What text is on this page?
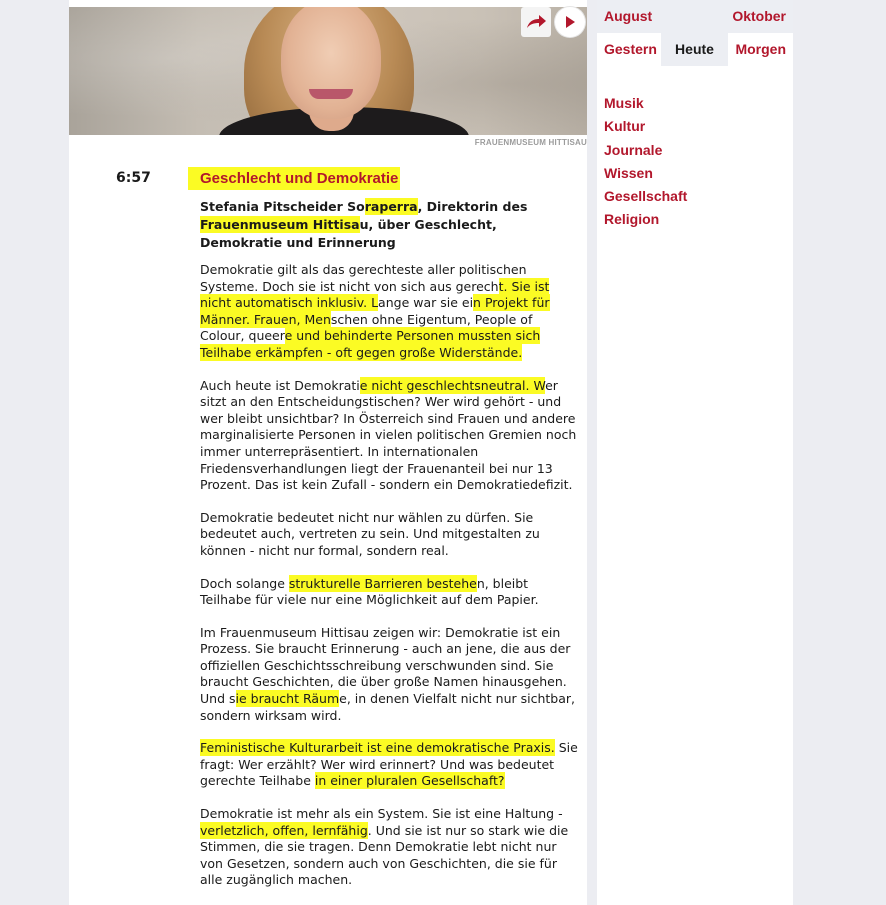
FRAUENMUSEUM HITTISAU
6:57	Geschlecht und Demokratie
Stefania Pitscheider Soraperra, Direktorin des Frauenmuseum Hittisau, über Geschlecht, Demokratie und Erinnerung

Demokratie gilt als das gerechteste aller politischen Systeme. Doch sie ist nicht von sich aus gerecht. Sie ist nicht automatisch inklusiv. Lange war sie ein Projekt für Männer. Frauen, Menschen ohne Eigentum, People of Colour, queere und behinderte Personen mussten sich Teilhabe erkämpfen - oft gegen große Widerstände.

Auch heute ist Demokratie nicht geschlechtsneutral. Wer sitzt an den Entscheidungstischen? Wer wird gehört - und wer bleibt unsichtbar? In Österreich sind Frauen und andere marginalisierte Personen in vielen politischen Gremien noch immer unterrepräsentiert. In internationalen Friedensverhandlungen liegt der Frauenanteil bei nur 13 Prozent. Das ist kein Zufall - sondern ein Demokratiedefizit.

Demokratie bedeutet nicht nur wählen zu dürfen. Sie bedeutet auch, vertreten zu sein. Und mitgestalten zu können - nicht nur formal, sondern real.

Doch solange strukturelle Barrieren bestehen, bleibt Teilhabe für viele nur eine Möglichkeit auf dem Papier.

Im Frauenmuseum Hittisau zeigen wir: Demokratie ist ein Prozess. Sie braucht Erinnerung - auch an jene, die aus der offiziellen Geschichtsschreibung verschwunden sind. Sie braucht Geschichten, die über große Namen hinausgehen. Und sie braucht Räume, in denen Vielfalt nicht nur sichtbar, sondern wirksam wird.

Feministische Kulturarbeit ist eine demokratische Praxis. Sie fragt: Wer erzählt? Wer wird erinnert? Und was bedeutet gerechte Teilhabe in einer pluralen Gesellschaft?

Demokratie ist mehr als ein System. Sie ist eine Haltung - verletzlich, offen, lernfähig. Und sie ist nur so stark wie die Stimmen, die sie tragen. Denn Demokratie lebt nicht nur von Gesetzen, sondern auch von Geschichten, die sie für alle zugänglich machen.

August	Oktober
Gestern	Heute	Morgen
Musik
Kultur
Journale
Wissen
Gesellschaft
Religion
